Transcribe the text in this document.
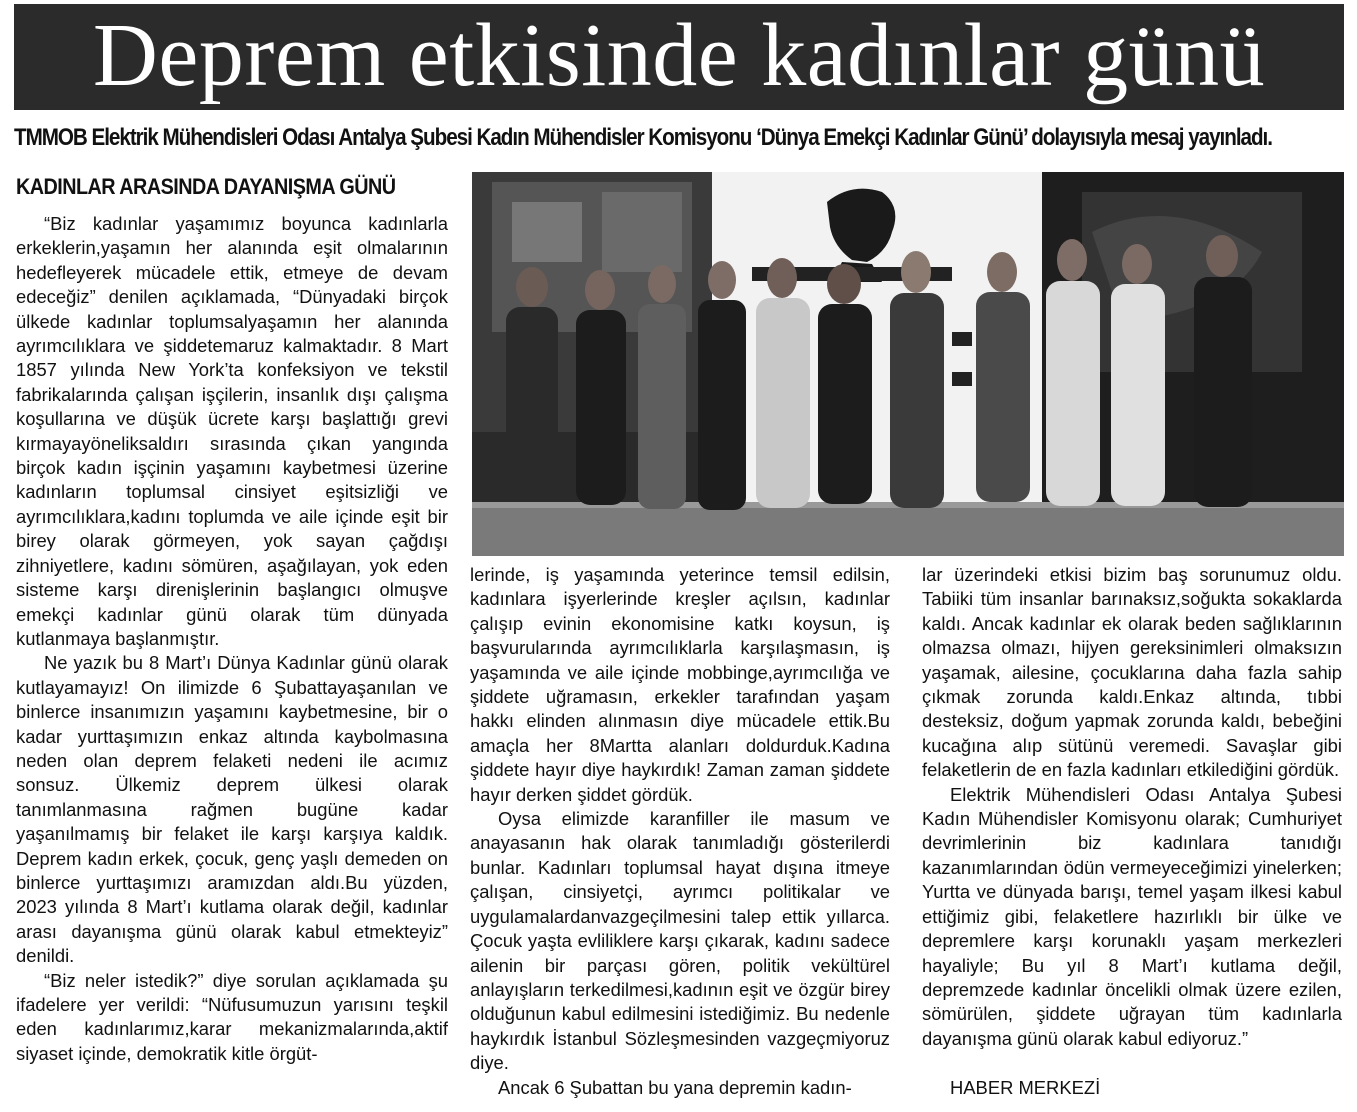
Deprem etkisinde kadınlar günü
TMMOB Elektrik Mühendisleri Odası Antalya Şubesi Kadın Mühendisler Komisyonu ‘Dünya Emekçi Kadınlar Günü’ dolayısıyla mesaj yayınladı.
KADINLAR ARASINDA DAYANIŞMA GÜNÜ

“Biz kadınlar yaşamımız boyunca kadınlarla erkeklerin,yaşamın her alanında eşit olmalarının hedefleyerek mücadele ettik, etmeye de devam edeceğiz” denilen açıklamada, “Dünyadaki birçok ülkede kadınlar toplumsalyaşamın her alanında ayrımcılıklara ve şiddetemaruz kalmaktadır. 8 Mart 1857 yılında New York’ta konfeksiyon ve tekstil fabrikalarında çalışan işçilerin, insanlık dışı çalışma koşullarına ve düşük ücrete karşı başlattığı grevi kırmayayöneliksaldırı sırasında çıkan yangında birçok kadın işçinin yaşamını kaybetmesi üzerine kadınların toplumsal cinsiyet eşitsizliği ve ayrımcılıklara,kadını toplumda ve aile içinde eşit bir birey olarak görmeyen, yok sayan çağdışı zihniyetlere, kadını sömüren, aşağılayan, yok eden sisteme karşı direnişlerinin başlangıcı olmuşve emekçi kadınlar günü olarak tüm dünyada kutlanmaya başlanmıştır.

Ne yazık bu 8 Mart’ı Dünya Kadınlar günü olarak kutlayamayız! On ilimizde 6 Şubattayaşanılan ve binlerce insanımızın yaşamını kaybetmesine, bir o kadar yurttaşımızın enkaz altında kaybolmasına neden olan deprem felaketi nedeni ile acımız sonsuz. Ülkemiz deprem ülkesi olarak tanımlanmasına rağmen bugüne kadar yaşanılmamış bir felaket ile karşı karşıya kaldık. Deprem kadın erkek, çocuk, genç yaşlı demeden on binlerce yurttaşımızı aramızdan aldı.Bu yüzden, 2023 yılında 8 Mart’ı kutlama olarak değil, kadınlar arası dayanışma günü olarak kabul etmekteyiz” denildi.

“Biz neler istedik?” diye sorulan açıklamada şu ifadelere yer verildi: “Nüfusumuzun yarısını teşkil eden kadınlarımız,karar mekanizmalarında,aktif siyaset içinde, demokratik kitle örgüt-

lerinde, iş yaşamında yeterince temsil edilsin, kadınlara işyerlerinde kreşler açılsın, kadınlar çalışıp evinin ekonomisine katkı koysun, iş başvurularında ayrımcılıklarla karşılaşmasın, iş yaşamında ve aile içinde mobbinge,ayrımcılığa ve şiddete uğramasın, erkekler tarafından yaşam hakkı elinden alınmasın diye mücadele ettik.Bu amaçla her 8Martta alanları doldurduk.Kadına şiddete hayır diye haykırdık! Zaman zaman şiddete hayır derken şiddet gördük.

Oysa elimizde karanfiller ile masum ve anayasanın hak olarak tanımladığı gösterilerdi bunlar. Kadınları toplumsal hayat dışına itmeye çalışan, cinsiyetçi, ayrımcı politikalar ve uygulamalardanvazgeçilmesini talep ettik yıllarca. Çocuk yaşta evliliklere karşı çıkarak, kadını sadece ailenin bir parçası gören, politik vekültürel anlayışların terkedilmesi,kadının eşit ve özgür birey olduğunun kabul edilmesini istediğimiz. Bu nedenle haykırdık İstanbul Sözleşmesinden vazgeçmiyoruz diye.

Ancak 6 Şubattan bu yana depremin kadın-

lar üzerindeki etkisi bizim baş sorunumuz oldu. Tabiiki tüm insanlar barınaksız,soğukta sokaklarda kaldı. Ancak kadınlar ek olarak beden sağlıklarının olmazsa olmazı, hijyen gereksinimleri olmaksızın yaşamak, ailesine, çocuklarına daha fazla sahip çıkmak zorunda kaldı.Enkaz altında, tıbbi desteksiz, doğum yapmak zorunda kaldı, bebeğini kucağına alıp sütünü veremedi. Savaşlar gibi felaketlerin de en fazla kadınları etkilediğini gördük.

Elektrik Mühendisleri Odası Antalya Şubesi Kadın Mühendisler Komisyonu olarak; Cumhuriyet devrimlerinin biz kadınlara tanıdığı kazanımlarından ödün vermeyeceğimizi yinelerken; Yurtta ve dünyada barışı, temel yaşam ilkesi kabul ettiğimiz gibi, felaketlere hazırlıklı bir ülke ve depremlere karşı korunaklı yaşam merkezleri hayaliyle; Bu yıl 8 Mart’ı kutlama değil, depremzede kadınlar öncelikli olmak üzere ezilen, sömürülen, şiddete uğrayan tüm kadınlarla dayanışma günü olarak kabul ediyoruz.”

HABER MERKEZİ
